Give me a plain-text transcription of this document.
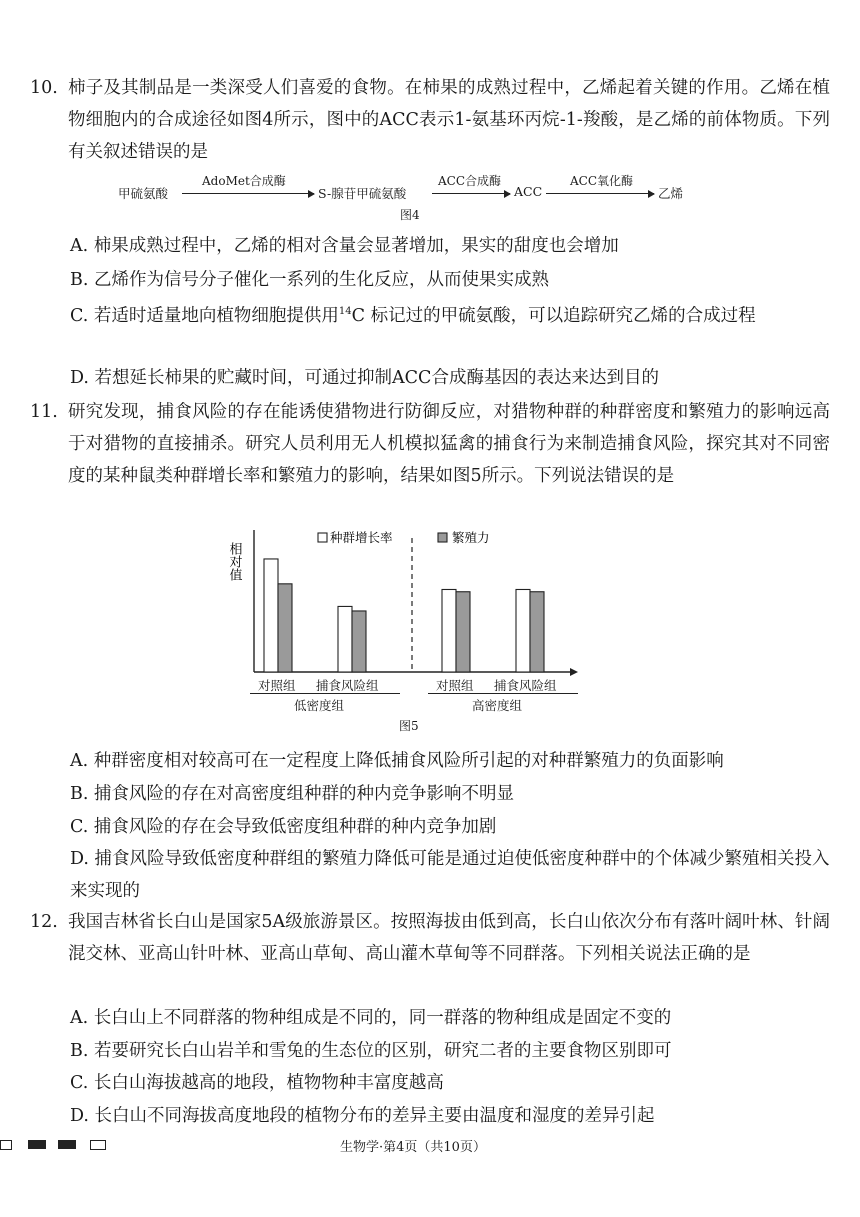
10. 柿子及其制品是一类深受人们喜爱的食物。在柿果的成熟过程中，乙烯起着关键的作用。乙烯在植物细胞内的合成途径如图4所示，图中的ACC表示1-氨基环丙烷-1-羧酸，是乙烯的前体物质。下列有关叙述错误的是
甲硫氨酸
AdoMet合成酶
S-腺苷甲硫氨酸
ACC合成酶
ACC
ACC氧化酶
乙烯
图4
A. 柿果成熟过程中，乙烯的相对含量会显著增加，果实的甜度也会增加
B. 乙烯作为信号分子催化一系列的生化反应，从而使果实成熟
C. 若适时适量地向植物细胞提供用$^{14}$C 标记过的甲硫氨酸，可以追踪研究乙烯的合成过程
D. 若想延长柿果的贮藏时间，可通过抑制ACC合成酶基因的表达来达到目的
11. 研究发现，捕食风险的存在能诱使猎物进行防御反应，对猎物种群的种群密度和繁殖力的影响远高于对猎物的直接捕杀。研究人员利用无人机模拟猛禽的捕食行为来制造捕食风险，探究其对不同密度的某种鼠类种群增长率和繁殖力的影响，结果如图5所示。下列说法错误的是
相对值
种群增长率	繁殖力
对照组 捕食风险组	对照组 捕食风险组
低密度组	高密度组
图5
A. 种群密度相对较高可在一定程度上降低捕食风险所引起的对种群繁殖力的负面影响
B. 捕食风险的存在对高密度组种群的种内竞争影响不明显
C. 捕食风险的存在会导致低密度组种群的种内竞争加剧
D. 捕食风险导致低密度种群组的繁殖力降低可能是通过迫使低密度种群中的个体减少繁殖相关投入来实现的
12. 我国吉林省长白山是国家5A级旅游景区。按照海拔由低到高，长白山依次分布有落叶阔叶林、针阔混交林、亚高山针叶林、亚高山草甸、高山灌木草甸等不同群落。下列相关说法正确的是
A. 长白山上不同群落的物种组成是不同的，同一群落的物种组成是固定不变的
B. 若要研究长白山岩羊和雪兔的生态位的区别，研究二者的主要食物区别即可
C. 长白山海拔越高的地段，植物物种丰富度越高
D. 长白山不同海拔高度地段的植物分布的差异主要由温度和湿度的差异引起
生物学·第4页（共10页）
